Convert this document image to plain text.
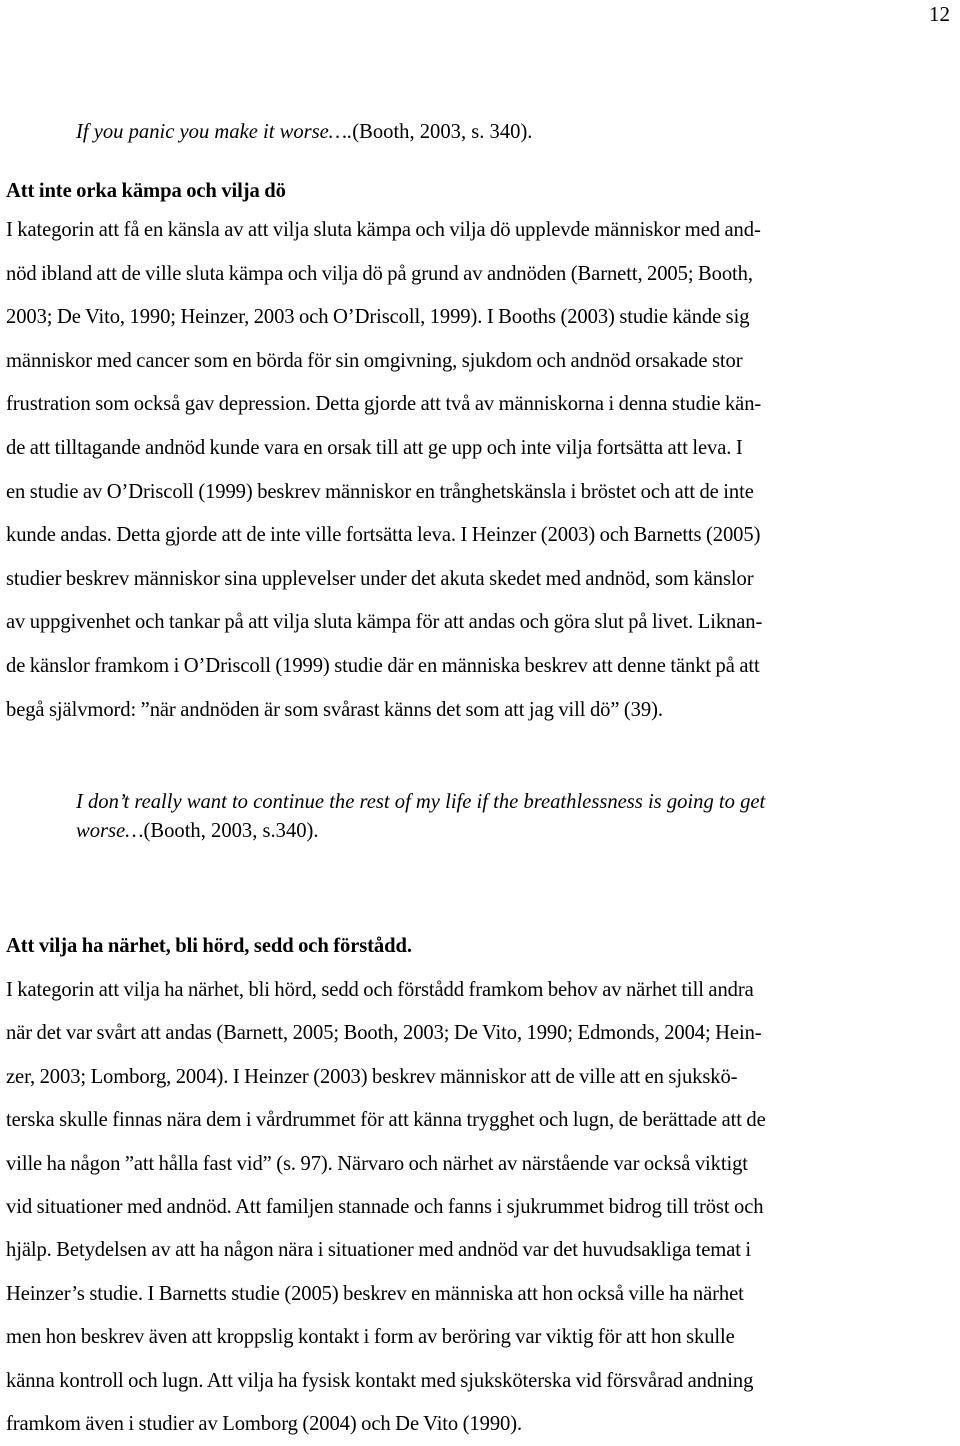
12
If you panic you make it worse….(Booth, 2003, s. 340).
Att inte orka kämpa och vilja dö
I kategorin att få en känsla av att vilja sluta kämpa och vilja dö upplevde människor med and-
nöd ibland att de ville sluta kämpa och vilja dö på grund av andnöden (Barnett, 2005; Booth,
2003; De Vito, 1990; Heinzer, 2003 och O’Driscoll, 1999). I Booths (2003) studie kände sig
människor med cancer som en börda för sin omgivning, sjukdom och andnöd orsakade stor
frustration som också gav depression. Detta gjorde att två av människorna i denna studie kän-
de att tilltagande andnöd kunde vara en orsak till att ge upp och inte vilja fortsätta att leva. I
en studie av O’Driscoll (1999) beskrev människor en trånghetskänsla i bröstet och att de inte
kunde andas. Detta gjorde att de inte ville fortsätta leva. I Heinzer (2003) och Barnetts (2005)
studier beskrev människor sina upplevelser under det akuta skedet med andnöd, som känslor
av uppgivenhet och tankar på att vilja sluta kämpa för att andas och göra slut på livet. Liknan-
de känslor framkom i O’Driscoll (1999) studie där en människa beskrev att denne tänkt på att
begå självmord: ”när andnöden är som svårast känns det som att jag vill dö” (39).
I don’t really want to continue the rest of my life if the breathlessness is going to get
worse…(Booth, 2003, s.340).
Att vilja ha närhet, bli hörd, sedd och förstådd.
I kategorin att vilja ha närhet, bli hörd, sedd och förstådd framkom behov av närhet till andra
när det var svårt att andas (Barnett, 2005; Booth, 2003; De Vito, 1990; Edmonds, 2004; Hein-
zer, 2003; Lomborg, 2004). I Heinzer (2003) beskrev människor att de ville att en sjukskö-
terska skulle finnas nära dem i vårdrummet för att känna trygghet och lugn, de berättade att de
ville ha någon ”att hålla fast vid” (s. 97). Närvaro och närhet av närstående var också viktigt
vid situationer med andnöd. Att familjen stannade och fanns i sjukrummet bidrog till tröst och
hjälp. Betydelsen av att ha någon nära i situationer med andnöd var det huvudsakliga temat i
Heinzer’s studie. I Barnetts studie (2005) beskrev en människa att hon också ville ha närhet
men hon beskrev även att kroppslig kontakt i form av beröring var viktig för att hon skulle
känna kontroll och lugn. Att vilja ha fysisk kontakt med sjuksköterska vid försvårad andning
framkom även i studier av Lomborg (2004) och De Vito (1990).
